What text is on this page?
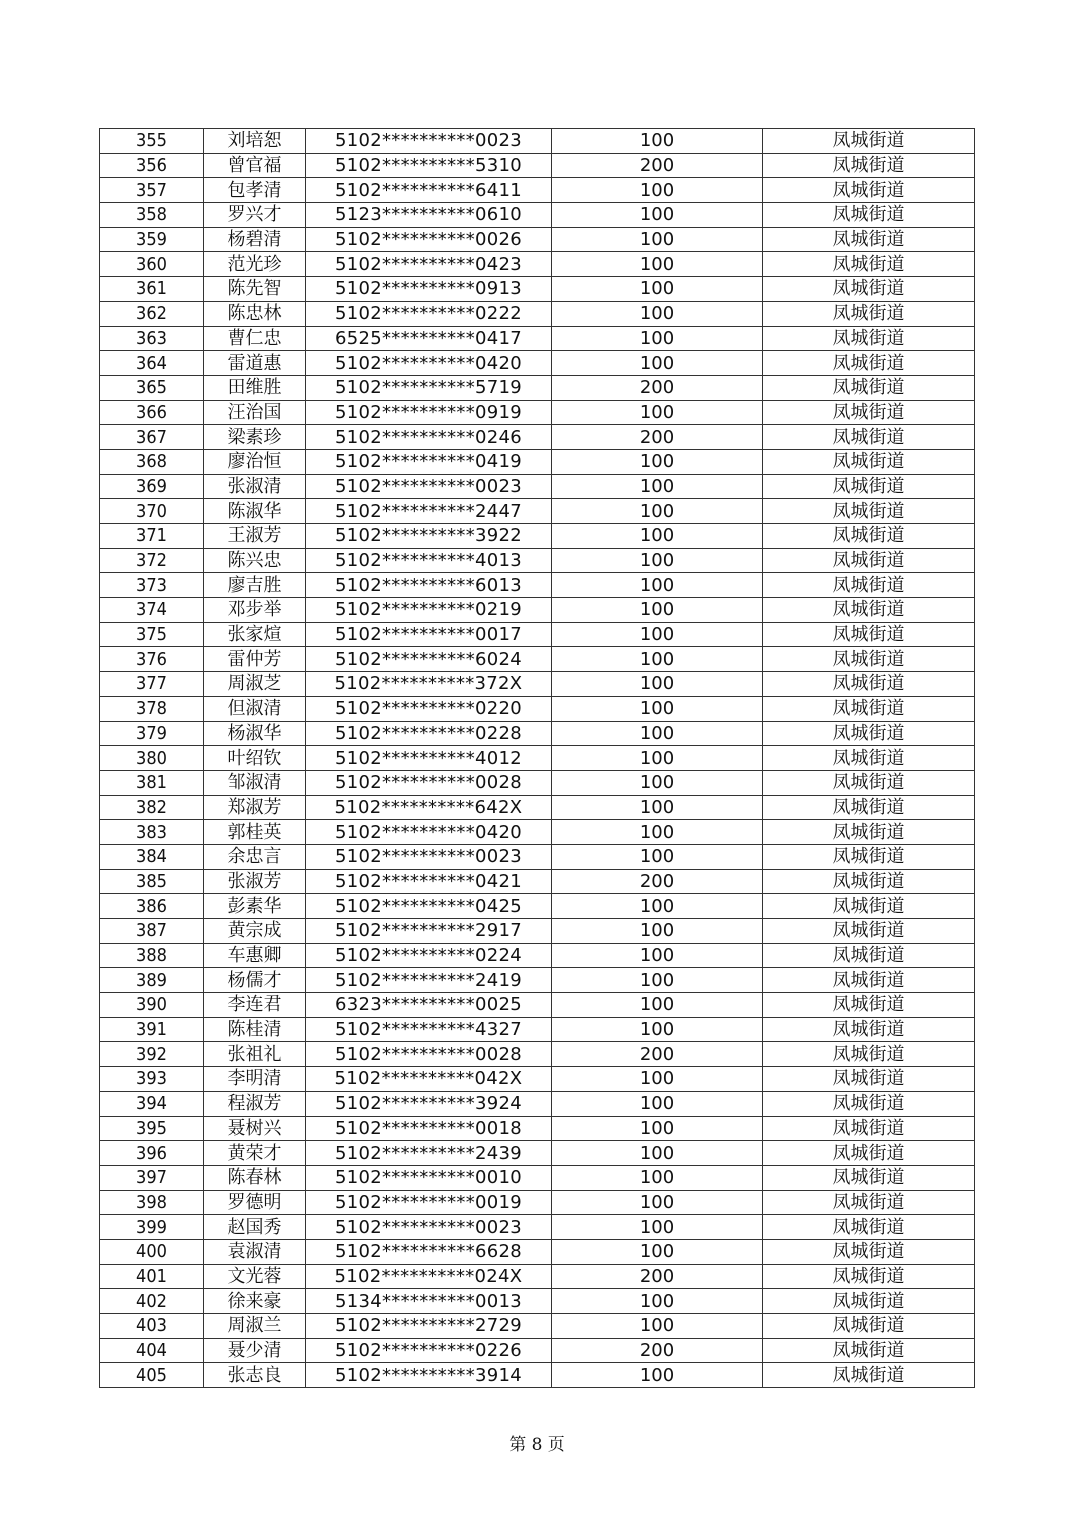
355	刘培恕	5102**********0023	100	凤城街道
356	曾官福	5102**********5310	200	凤城街道
357	包孝清	5102**********6411	100	凤城街道
358	罗兴才	5123**********0610	100	凤城街道
359	杨碧清	5102**********0026	100	凤城街道
360	范光珍	5102**********0423	100	凤城街道
361	陈先智	5102**********0913	100	凤城街道
362	陈忠林	5102**********0222	100	凤城街道
363	曹仁忠	6525**********0417	100	凤城街道
364	雷道惠	5102**********0420	100	凤城街道
365	田维胜	5102**********5719	200	凤城街道
366	汪治国	5102**********0919	100	凤城街道
367	梁素珍	5102**********0246	200	凤城街道
368	廖治恒	5102**********0419	100	凤城街道
369	张淑清	5102**********0023	100	凤城街道
370	陈淑华	5102**********2447	100	凤城街道
371	王淑芳	5102**********3922	100	凤城街道
372	陈兴忠	5102**********4013	100	凤城街道
373	廖吉胜	5102**********6013	100	凤城街道
374	邓步举	5102**********0219	100	凤城街道
375	张家煊	5102**********0017	100	凤城街道
376	雷仲芳	5102**********6024	100	凤城街道
377	周淑芝	5102**********372X	100	凤城街道
378	但淑清	5102**********0220	100	凤城街道
379	杨淑华	5102**********0228	100	凤城街道
380	叶绍钦	5102**********4012	100	凤城街道
381	邹淑清	5102**********0028	100	凤城街道
382	郑淑芳	5102**********642X	100	凤城街道
383	郭桂英	5102**********0420	100	凤城街道
384	余忠言	5102**********0023	100	凤城街道
385	张淑芳	5102**********0421	200	凤城街道
386	彭素华	5102**********0425	100	凤城街道
387	黄宗成	5102**********2917	100	凤城街道
388	车惠卿	5102**********0224	100	凤城街道
389	杨儒才	5102**********2419	100	凤城街道
390	李连君	6323**********0025	100	凤城街道
391	陈桂清	5102**********4327	100	凤城街道
392	张祖礼	5102**********0028	200	凤城街道
393	李明清	5102**********042X	100	凤城街道
394	程淑芳	5102**********3924	100	凤城街道
395	聂树兴	5102**********0018	100	凤城街道
396	黄荣才	5102**********2439	100	凤城街道
397	陈春林	5102**********0010	100	凤城街道
398	罗德明	5102**********0019	100	凤城街道
399	赵国秀	5102**********0023	100	凤城街道
400	袁淑清	5102**********6628	100	凤城街道
401	文光蓉	5102**********024X	200	凤城街道
402	徐来豪	5134**********0013	100	凤城街道
403	周淑兰	5102**********2729	100	凤城街道
404	聂少清	5102**********0226	200	凤城街道
405	张志良	5102**********3914	100	凤城街道
第 8 页
